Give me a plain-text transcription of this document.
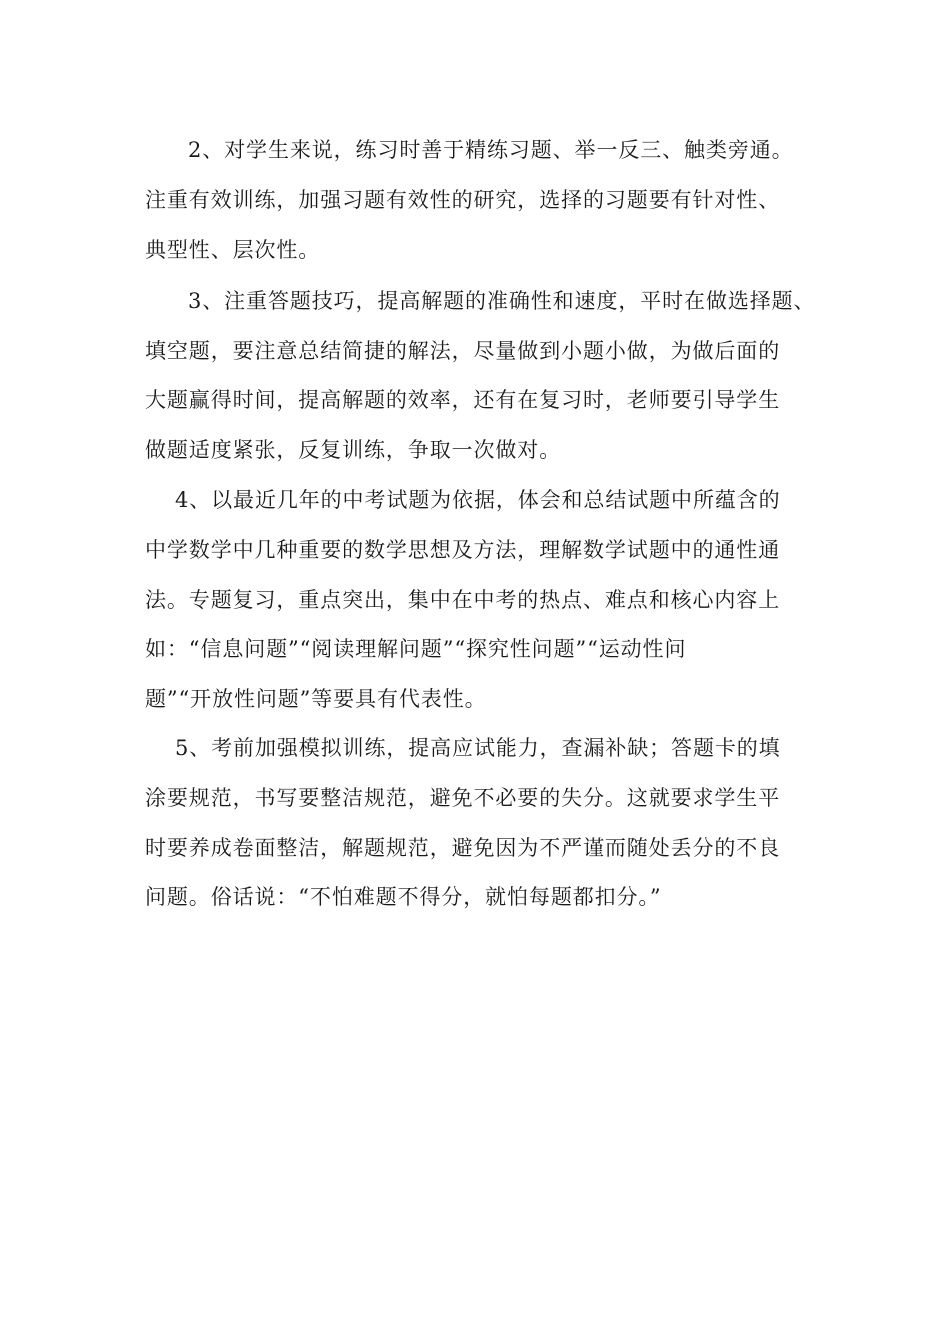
2、对学生来说，练习时善于精练习题、举一反三、触类旁通。
注重有效训练，加强习题有效性的研究，选择的习题要有针对性、
典型性、层次性。
3、注重答题技巧，提高解题的准确性和速度，平时在做选择题、
填空题，要注意总结简捷的解法，尽量做到小题小做，为做后面的
大题赢得时间，提高解题的效率，还有在复习时，老师要引导学生
做题适度紧张，反复训练，争取一次做对。
4、以最近几年的中考试题为依据，体会和总结试题中所蕴含的
中学数学中几种重要的数学思想及方法，理解数学试题中的通性通
法。专题复习，重点突出，集中在中考的热点、难点和核心内容上
如：“信息问题”“阅读理解问题”“探究性问题”“运动性问
题”“开放性问题”等要具有代表性。
5、考前加强模拟训练，提高应试能力，查漏补缺；答题卡的填
涂要规范，书写要整洁规范，避免不必要的失分。这就要求学生平
时要养成卷面整洁，解题规范，避免因为不严谨而随处丢分的不良
问题。俗话说：“不怕难题不得分，就怕每题都扣分。”
